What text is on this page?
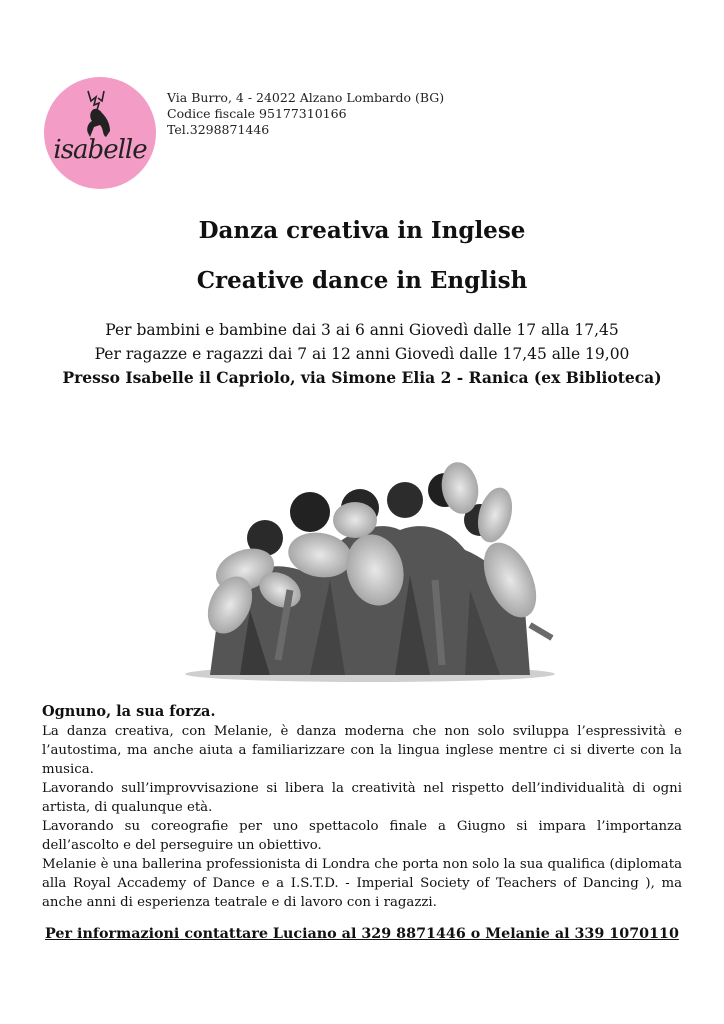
isabelle
Via Burro, 4 - 24022 Alzano Lombardo (BG)
Codice fiscale 95177310166
Tel.3298871446
Danza creativa in Inglese
Creative dance in English
Per bambini e bambine dai 3 ai 6 anni Giovedì dalle 17 alla 17,45
Per ragazze e ragazzi dai 7 ai 12 anni Giovedì dalle 17,45 alle 19,00
Presso Isabelle il Capriolo, via Simone Elia 2 - Ranica (ex Biblioteca)
Ognuno, la sua forza.

La danza creativa, con Melanie, è danza moderna che non solo sviluppa l’espressività e l’autostima, ma anche aiuta a familiarizzare con la lingua inglese mentre ci si diverte con la musica.

Lavorando sull’improvvisazione si libera la creatività nel rispetto dell’individualità di ogni artista, di qualunque età.

Lavorando su coreografie per uno spettacolo finale a Giugno si impara l’importanza dell’ascolto e del perseguire un obiettivo.

Melanie è una ballerina professionista di Londra che porta non solo la sua qualifica (diplomata alla Royal Accademy of Dance e a I.S.T.D. - Imperial Society of Teachers of Dancing ), ma anche anni di esperienza teatrale e di lavoro con i ragazzi.

Per informazioni contattare Luciano al 329 8871446 o Melanie al 339 1070110
